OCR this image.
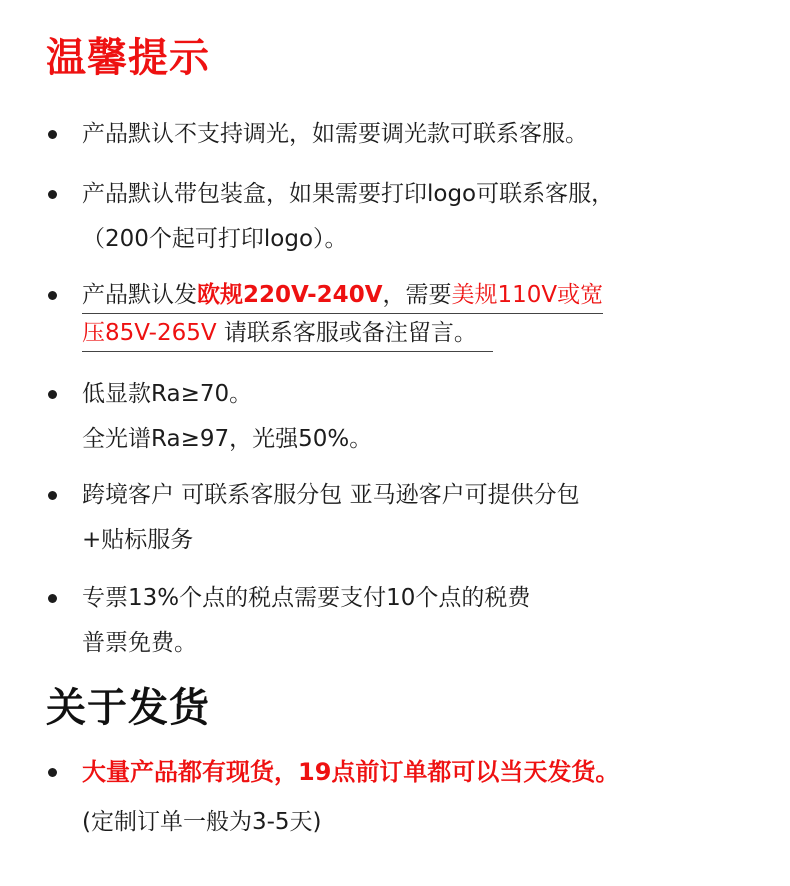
温馨提示
产品默认不支持调光，如需要调光款可联系客服。
产品默认带包装盒，如果需要打印logo可联系客服，
（200个起可打印logo）。
产品默认发欧规220V-240V，需要美规110V或宽
压85V-265V 请联系客服或备注留言。
低显款Ra≥70。
全光谱Ra≥97，光强50%。
跨境客户 可联系客服分包 亚马逊客户可提供分包
+贴标服务
专票13%个点的税点需要支付10个点的税费
普票免费。
关于发货
大量产品都有现货，19点前订单都可以当天发货。
(定制订单一般为3-5天)
